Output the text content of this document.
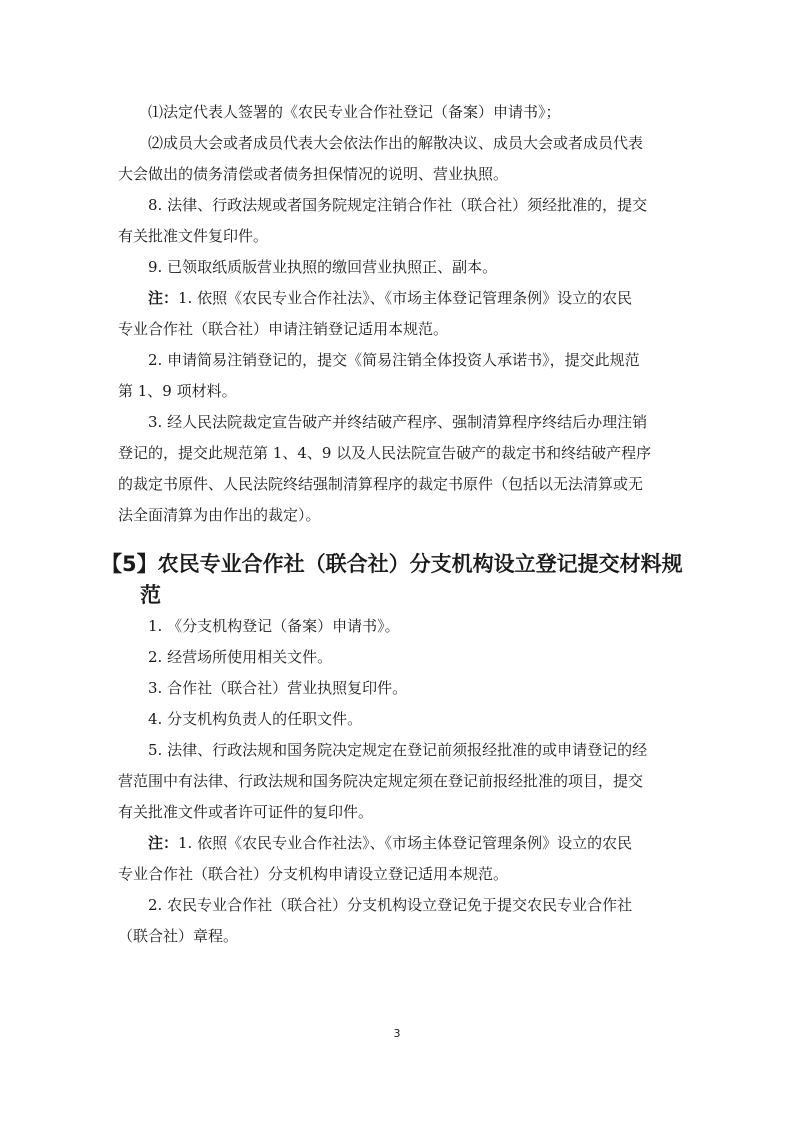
⑴法定代表人签署的《农民专业合作社登记（备案）申请书》；
⑵成员大会或者成员代表大会依法作出的解散决议、成员大会或者成员代表
大会做出的债务清偿或者债务担保情况的说明、营业执照。
8. 法律、行政法规或者国务院规定注销合作社（联合社）须经批准的，提交
有关批准文件复印件。
9. 已领取纸质版营业执照的缴回营业执照正、副本。
注：1. 依照《农民专业合作社法》、《市场主体登记管理条例》设立的农民
专业合作社（联合社）申请注销登记适用本规范。
2. 申请简易注销登记的，提交《简易注销全体投资人承诺书》，提交此规范
第 1、9 项材料。
3. 经人民法院裁定宣告破产并终结破产程序、强制清算程序终结后办理注销
登记的，提交此规范第 1、4、9 以及人民法院宣告破产的裁定书和终结破产程序
的裁定书原件、人民法院终结强制清算程序的裁定书原件（包括以无法清算或无
法全面清算为由作出的裁定）。
【5】农民专业合作社（联合社）分支机构设立登记提交材料规
范
1. 《分支机构登记（备案）申请书》。
2. 经营场所使用相关文件。
3. 合作社（联合社）营业执照复印件。
4. 分支机构负责人的任职文件。
5. 法律、行政法规和国务院决定规定在登记前须报经批准的或申请登记的经
营范围中有法律、行政法规和国务院决定规定须在登记前报经批准的项目，提交
有关批准文件或者许可证件的复印件。
注：1. 依照《农民专业合作社法》、《市场主体登记管理条例》设立的农民
专业合作社（联合社）分支机构申请设立登记适用本规范。
2. 农民专业合作社（联合社）分支机构设立登记免于提交农民专业合作社
（联合社）章程。
3
